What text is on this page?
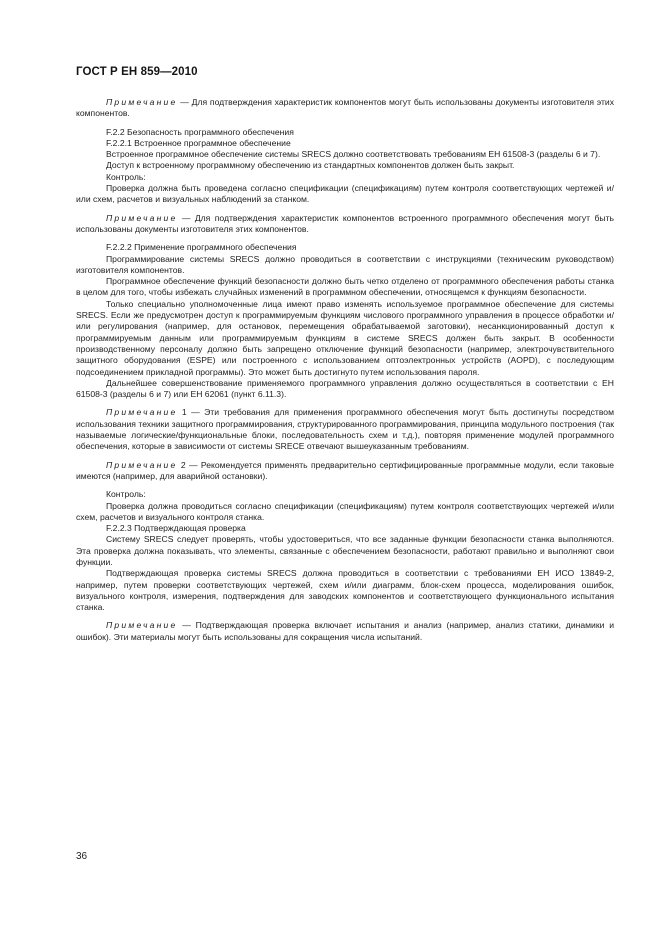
ГОСТ Р ЕН 859—2010

Примечание — Для подтверждения характеристик компонентов могут быть использованы документы изготовителя этих компонентов.

F.2.2 Безопасность программного обеспечения

F.2.2.1 Встроенное программное обеспечение

Встроенное программное обеспечение системы SRECS должно соответствовать требованиям ЕН 61508-3 (разделы 6 и 7).

Доступ к встроенному программному обеспечению из стандартных компонентов должен быть закрыт.

Контроль:

Проверка должна быть проведена согласно спецификации (спецификациям) путем контроля соответствующих чертежей и/или схем, расчетов и визуальных наблюдений за станком.

Примечание — Для подтверждения характеристик компонентов встроенного программного обеспечения могут быть использованы документы изготовителя этих компонентов.

F.2.2.2 Применение программного обеспечения

Программирование системы SRECS должно проводиться в соответствии с инструкциями (техническим руководством) изготовителя компонентов.

Программное обеспечение функций безопасности должно быть четко отделено от программного обеспечения работы станка в целом для того, чтобы избежать случайных изменений в программном обеспечении, относящемся к функциям безопасности.

Только специально уполномоченные лица имеют право изменять используемое программное обеспечение для системы SRECS. Если же предусмотрен доступ к программируемым функциям числового программного управления в процессе обработки и/или регулирования (например, для остановок, перемещения обрабатываемой заготовки), несанкционированный доступ к программируемым данным или программируемым функциям в системе SRECS должен быть закрыт. В особенности производственному персоналу должно быть запрещено отключение функций безопасности (например, электрочувствительного защитного оборудования (ESPE) или построенного с использованием оптоэлектронных устройств (AOPD), с последующим подсоединением прикладной программы). Это может быть достигнуто путем использования пароля.

Дальнейшее совершенствование применяемого программного управления должно осуществляться в соответствии с ЕН 61508-3 (разделы 6 и 7) или ЕН 62061 (пункт 6.11.3).

Примечание 1 — Эти требования для применения программного обеспечения могут быть достигнуты посредством использования техники защитного программирования, структурированного программирования, принципа модульного построения (так называемые логические/функциональные блоки, последовательность схем и т.д.), повторяя применение модулей программного обеспечения, которые в зависимости от системы SRECE отвечают вышеуказанным требованиям.

Примечание 2 — Рекомендуется применять предварительно сертифицированные программные модули, если таковые имеются (например, для аварийной остановки).

Контроль:

Проверка должна проводиться согласно спецификации (спецификациям) путем контроля соответствующих чертежей и/или схем, расчетов и визуального контроля станка.

F.2.2.3 Подтверждающая проверка

Систему SRECS следует проверять, чтобы удостовериться, что все заданные функции безопасности станка выполняются. Эта проверка должна показывать, что элементы, связанные с обеспечением безопасности, работают правильно и выполняют свои функции.

Подтверждающая проверка системы SRECS должна проводиться в соответствии с требованиями ЕН ИСО 13849-2, например, путем проверки соответствующих чертежей, схем и/или диаграмм, блок-схем процесса, моделирования ошибок, визуального контроля, измерения, подтверждения для заводских компонентов и соответствующего функционального испытания станка.

Примечание — Подтверждающая проверка включает испытания и анализ (например, анализ статики, динамики и ошибок). Эти материалы могут быть использованы для сокращения числа испытаний.

36
